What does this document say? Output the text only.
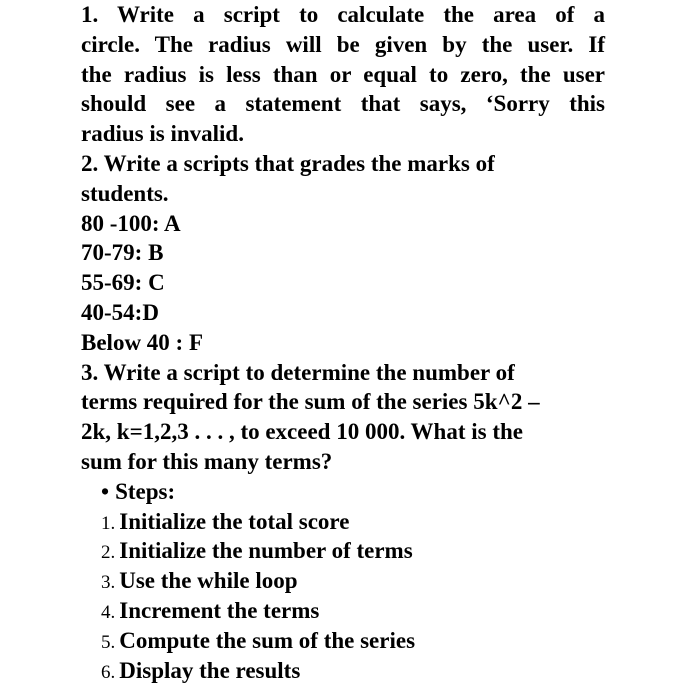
1. Write a script to calculate the area of a
circle. The radius will be given by the user. If
the radius is less than or equal to zero, the user
should see a statement that says, ‘Sorry this
radius is invalid.
2. Write a scripts that grades the marks of
students.
80 -100: A
70-79: B
55-69: C
40-54:D
Below 40 : F
3. Write a script to determine the number of
terms required for the sum of the series 5k^2 –
2k, k=1,2,3 . . . , to exceed 10 000. What is the
sum for this many terms?
• Steps:
1. Initialize the total score
2. Initialize the number of terms
3. Use the while loop
4. Increment the terms
5. Compute the sum of the series
6. Display the results
